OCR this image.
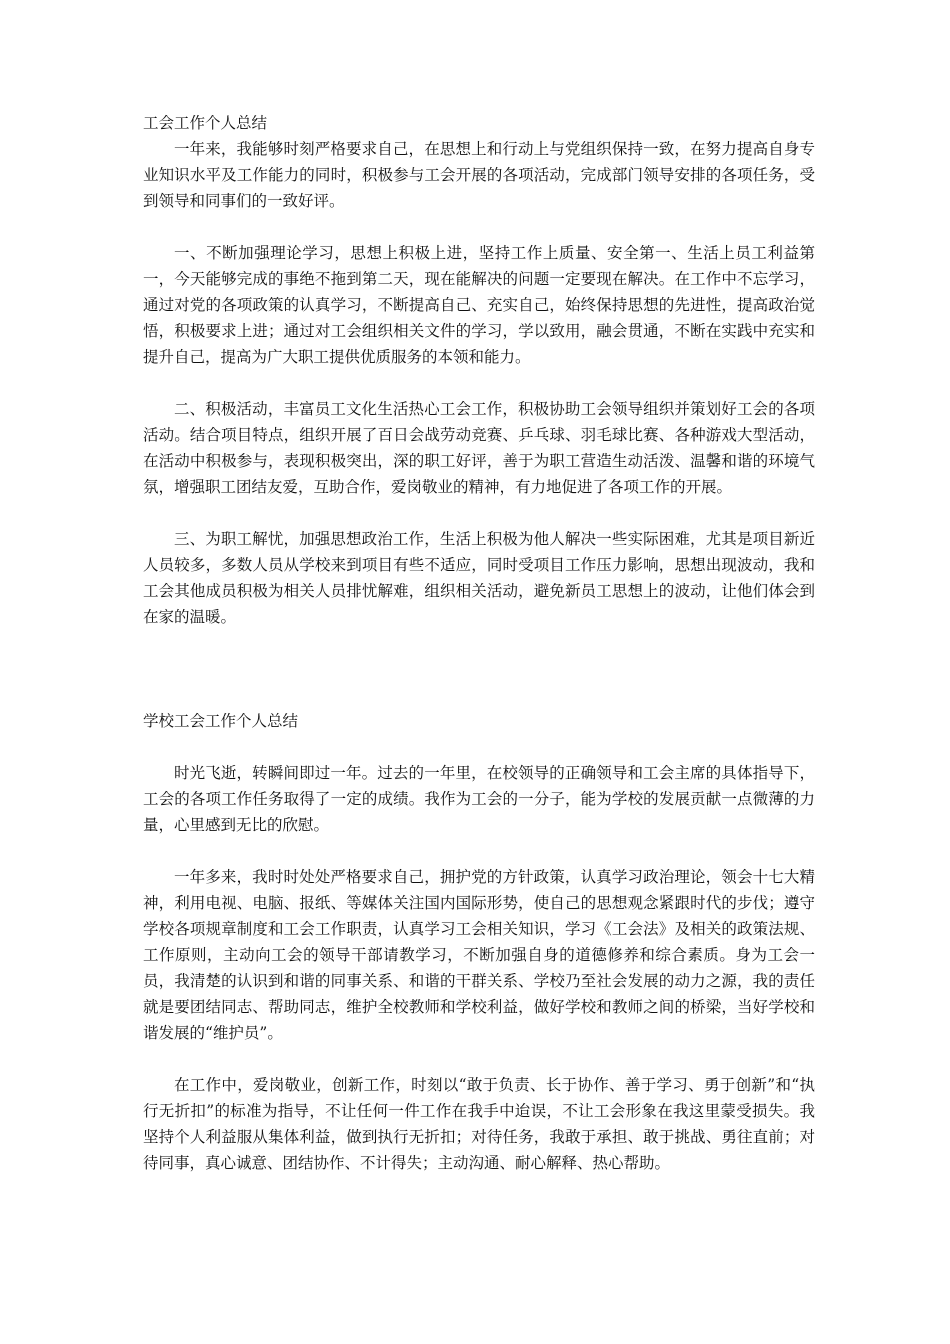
工会工作个人总结

一年来，我能够时刻严格要求自己，在思想上和行动上与党组织保持一致，在努力提高自身专业知识水平及工作能力的同时，积极参与工会开展的各项活动，完成部门领导安排的各项任务，受到领导和同事们的一致好评。

一、不断加强理论学习，思想上积极上进，坚持工作上质量、安全第一、生活上员工利益第一，今天能够完成的事绝不拖到第二天，现在能解决的问题一定要现在解决。在工作中不忘学习，通过对党的各项政策的认真学习，不断提高自己、充实自己，始终保持思想的先进性，提高政治觉悟，积极要求上进；通过对工会组织相关文件的学习，学以致用，融会贯通，不断在实践中充实和提升自己，提高为广大职工提供优质服务的本领和能力。

二、积极活动，丰富员工文化生活热心工会工作，积极协助工会领导组织并策划好工会的各项活动。结合项目特点，组织开展了百日会战劳动竞赛、乒乓球、羽毛球比赛、各种游戏大型活动，在活动中积极参与，表现积极突出，深的职工好评，善于为职工营造生动活泼、温馨和谐的环境气氛，增强职工团结友爱，互助合作，爱岗敬业的精神，有力地促进了各项工作的开展。

三、为职工解忧，加强思想政治工作，生活上积极为他人解决一些实际困难，尤其是项目新近人员较多，多数人员从学校来到项目有些不适应，同时受项目工作压力影响，思想出现波动，我和工会其他成员积极为相关人员排忧解难，组织相关活动，避免新员工思想上的波动，让他们体会到在家的温暖。

学校工会工作个人总结

时光飞逝，转瞬间即过一年。过去的一年里，在校领导的正确领导和工会主席的具体指导下，工会的各项工作任务取得了一定的成绩。我作为工会的一分子，能为学校的发展贡献一点微薄的力量，心里感到无比的欣慰。

一年多来，我时时处处严格要求自己，拥护党的方针政策，认真学习政治理论，领会十七大精神，利用电视、电脑、报纸、等媒体关注国内国际形势，使自己的思想观念紧跟时代的步伐；遵守学校各项规章制度和工会工作职责，认真学习工会相关知识，学习《工会法》及相关的政策法规、工作原则，主动向工会的领导干部请教学习，不断加强自身的道德修养和综合素质。身为工会一员，我清楚的认识到和谐的同事关系、和谐的干群关系、学校乃至社会发展的动力之源，我的责任就是要团结同志、帮助同志，维护全校教师和学校利益，做好学校和教师之间的桥梁，当好学校和谐发展的“维护员”。

在工作中，爱岗敬业，创新工作，时刻以“敢于负责、长于协作、善于学习、勇于创新”和“执行无折扣”的标准为指导，不让任何一件工作在我手中迨误，不让工会形象在我这里蒙受损失。我坚持个人利益服从集体利益，做到执行无折扣；对待任务，我敢于承担、敢于挑战、勇往直前；对待同事，真心诚意、团结协作、不计得失；主动沟通、耐心解释、热心帮助。
